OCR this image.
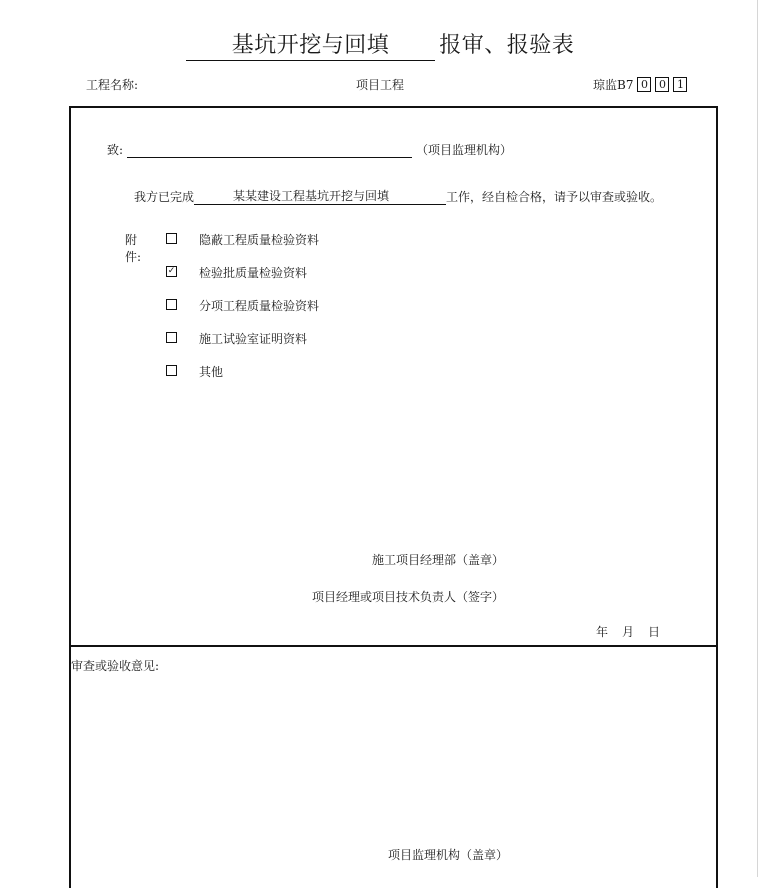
基坑开挖与回填 报审、报验表
工程名称:	项目工程	琼监B7 0	0	1
致:	（项目监理机构）
我方已完成	某某建设工程基坑开挖与回填	工作，经自检合格，请予以审查或验收。
附件:
隐蔽工程质量检验资料
✓ 检验批质量检验资料
分项工程质量检验资料
施工试验室证明资料
其他
施工项目经理部（盖章）
项目经理或项目技术负责人（签字）
年 月 日
审查或验收意见:
项目监理机构（盖章）
